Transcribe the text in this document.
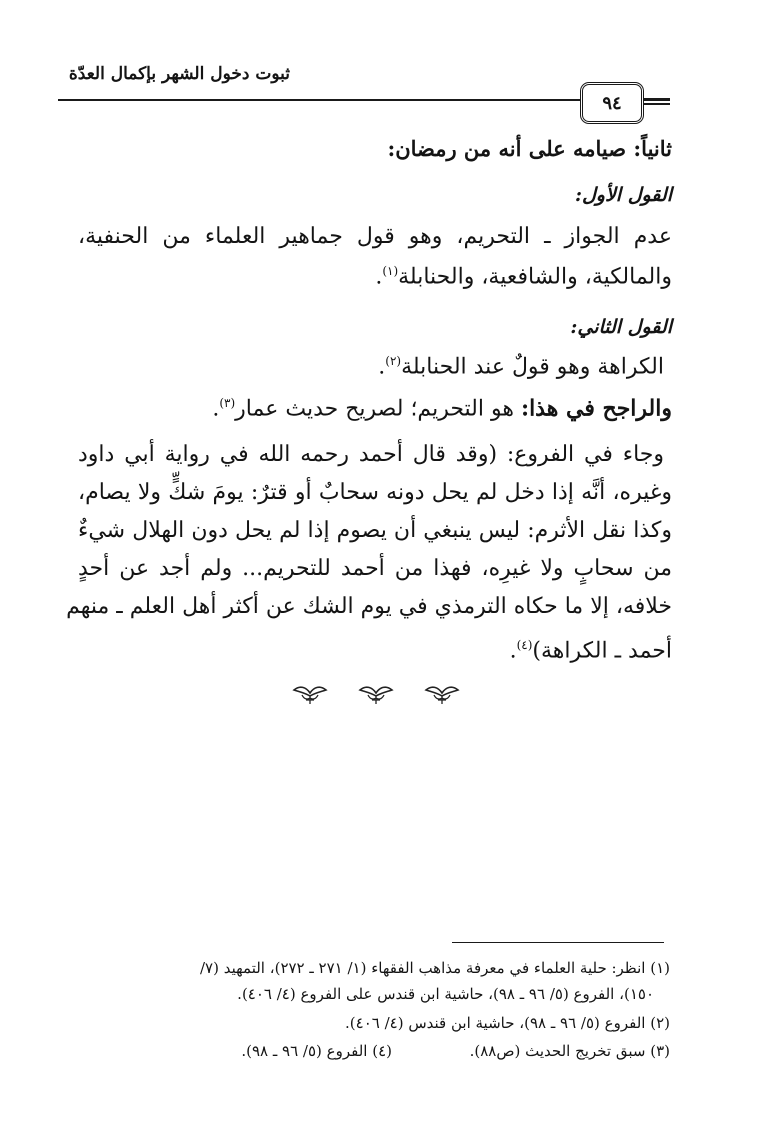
ثبوت دخول الشهر بإكمال العدّة
٩٤
ثانياً: صيامه على أنه من رمضان:
القول الأول:
عدم الجواز ـ التحريم، وهو قول جماهير العلماء من الحنفية،
والمالكية، والشافعية، والحنابلة$^{(١)}$.
القول الثاني:
الكراهة وهو قولٌ عند الحنابلة$^{(٢)}$.
والراجح في هذا: هو التحريم؛ لصريح حديث عمار$^{(٣)}$.
وجاء في الفروع: (وقد قال أحمد رحمه الله في رواية أبي داود
وغيره، أنَّه إذا دخل لم يحل دونه سحابٌ أو قترٌ: يومَ شكٍّ ولا يصام،
وكذا نقل الأثرم: ليس ينبغي أن يصوم إذا لم يحل دون الهلال شيءٌ
من سحابٍ ولا غيرِه، فهذا من أحمد للتحريم... ولم أجد عن أحدٍ
خلافه، إلا ما حكاه الترمذي في يوم الشك عن أكثر أهل العلم ـ منهم
أحمد ـ الكراهة)$^{(٤)}$.
(١) انظر: حلية العلماء في معرفة مذاهب الفقهاء (١/ ٢٧١ ـ ٢٧٢)، التمهيد (٧/
١٥٠)، الفروع (٥/ ٩٦ ـ ٩٨)، حاشية ابن قندس على الفروع (٤/ ٤٠٦).
(٢) الفروع (٥/ ٩٦ ـ ٩٨)، حاشية ابن قندس (٤/ ٤٠٦).
(٣) سبق تخريج الحديث (ص٨٨).
(٤) الفروع (٥/ ٩٦ ـ ٩٨).
